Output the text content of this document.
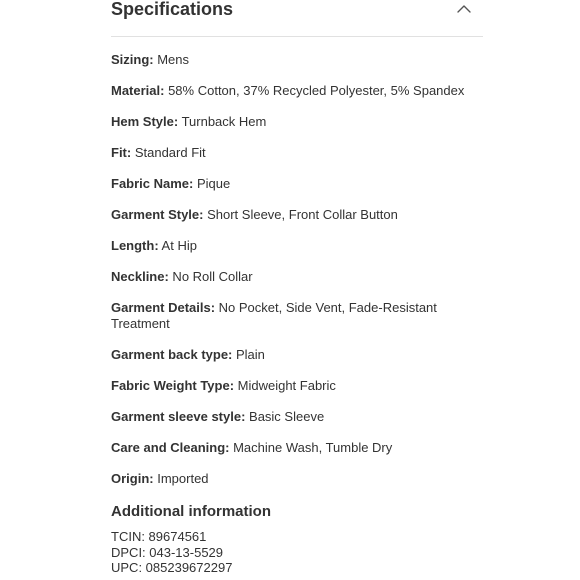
Specifications
Sizing: Mens
Material: 58% Cotton, 37% Recycled Polyester, 5% Spandex
Hem Style: Turnback Hem
Fit: Standard Fit
Fabric Name: Pique
Garment Style: Short Sleeve, Front Collar Button
Length: At Hip
Neckline: No Roll Collar
Garment Details: No Pocket, Side Vent, Fade-Resistant Treatment
Garment back type: Plain
Fabric Weight Type: Midweight Fabric
Garment sleeve style: Basic Sleeve
Care and Cleaning: Machine Wash, Tumble Dry
Origin: Imported
Additional information
TCIN: 89674561
DPCI: 043-13-5529
UPC: 085239672297
